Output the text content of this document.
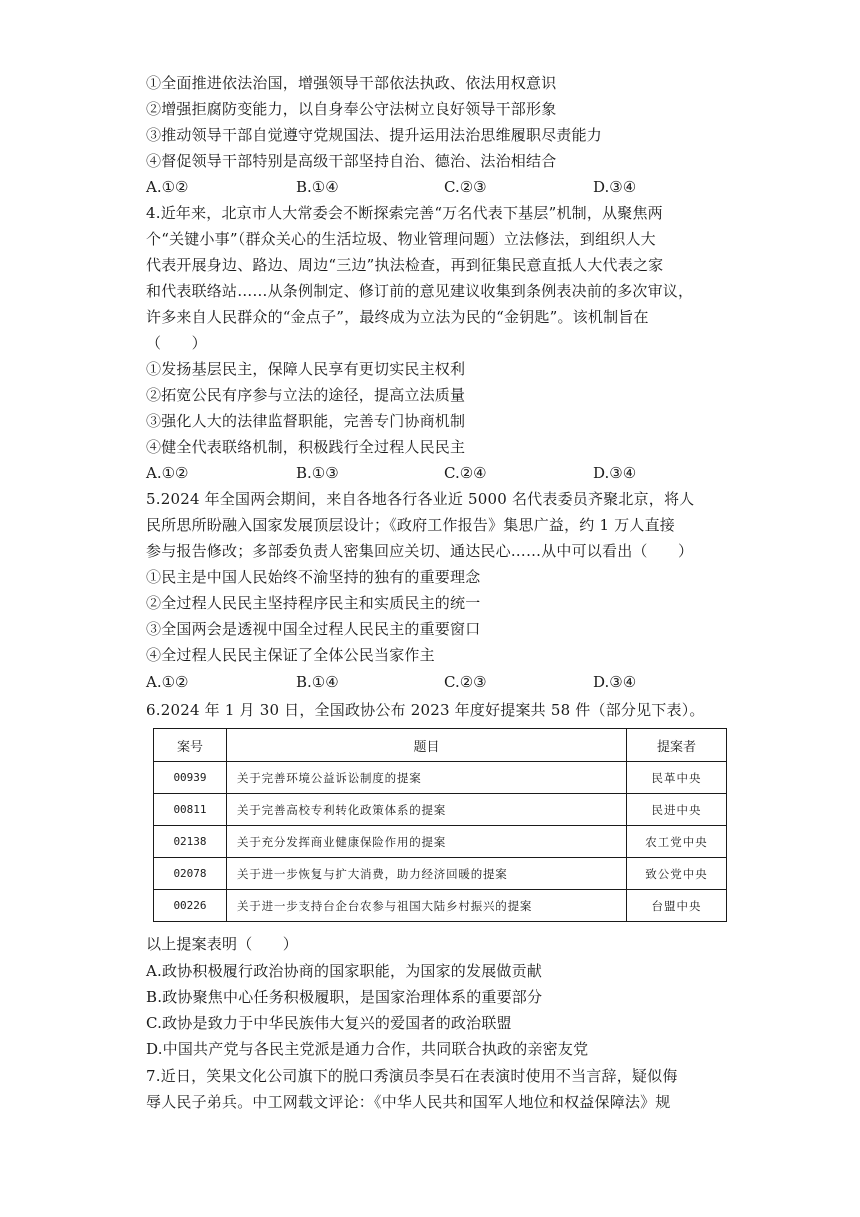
①全面推进依法治国，增强领导干部依法执政、依法用权意识
②增强拒腐防变能力，以自身奉公守法树立良好领导干部形象
③推动领导干部自觉遵守党规国法、提升运用法治思维履职尽责能力
④督促领导干部特别是高级干部坚持自治、德治、法治相结合
A.①②	B.①④	C.②③	D.③④
4.近年来，北京市人大常委会不断探索完善“万名代表下基层”机制，从聚焦两
个“关键小事”（群众关心的生活垃圾、物业管理问题）立法修法，到组织人大
代表开展身边、路边、周边“三边”执法检查，再到征集民意直抵人大代表之家
和代表联络站……从条例制定、修订前的意见建议收集到条例表决前的多次审议，
许多来自人民群众的“金点子”，最终成为立法为民的“金钥匙”。该机制旨在
（　　）
①发扬基层民主，保障人民享有更切实民主权利
②拓宽公民有序参与立法的途径，提高立法质量
③强化人大的法律监督职能，完善专门协商机制
④健全代表联络机制，积极践行全过程人民民主
A.①②	B.①③	C.②④	D.③④
5.2024 年全国两会期间，来自各地各行各业近 5000 名代表委员齐聚北京，将人
民所思所盼融入国家发展顶层设计；《政府工作报告》集思广益，约 1 万人直接
参与报告修改；多部委负责人密集回应关切、通达民心……从中可以看出（　　）
①民主是中国人民始终不渝坚持的独有的重要理念
②全过程人民民主坚持程序民主和实质民主的统一
③全国两会是透视中国全过程人民民主的重要窗口
④全过程人民民主保证了全体公民当家作主
A.①②	B.①④	C.②③	D.③④
6.2024 年 1 月 30 日，全国政协公布 2023 年度好提案共 58 件（部分见下表）。
案号	题目	提案者
00939	关于完善环境公益诉讼制度的提案	民革中央
00811	关于完善高校专利转化政策体系的提案	民进中央
02138	关于充分发挥商业健康保险作用的提案	农工党中央
02078	关于进一步恢复与扩大消费，助力经济回暖的提案	致公党中央
00226	关于进一步支持台企台农参与祖国大陆乡村振兴的提案	台盟中央
以上提案表明（　　）
A.政协积极履行政治协商的国家职能，为国家的发展做贡献
B.政协聚焦中心任务积极履职，是国家治理体系的重要部分
C.政协是致力于中华民族伟大复兴的爱国者的政治联盟
D.中国共产党与各民主党派是通力合作，共同联合执政的亲密友党
7.近日，笑果文化公司旗下的脱口秀演员李昊石在表演时使用不当言辞，疑似侮
辱人民子弟兵。中工网载文评论：《中华人民共和国军人地位和权益保障法》规
